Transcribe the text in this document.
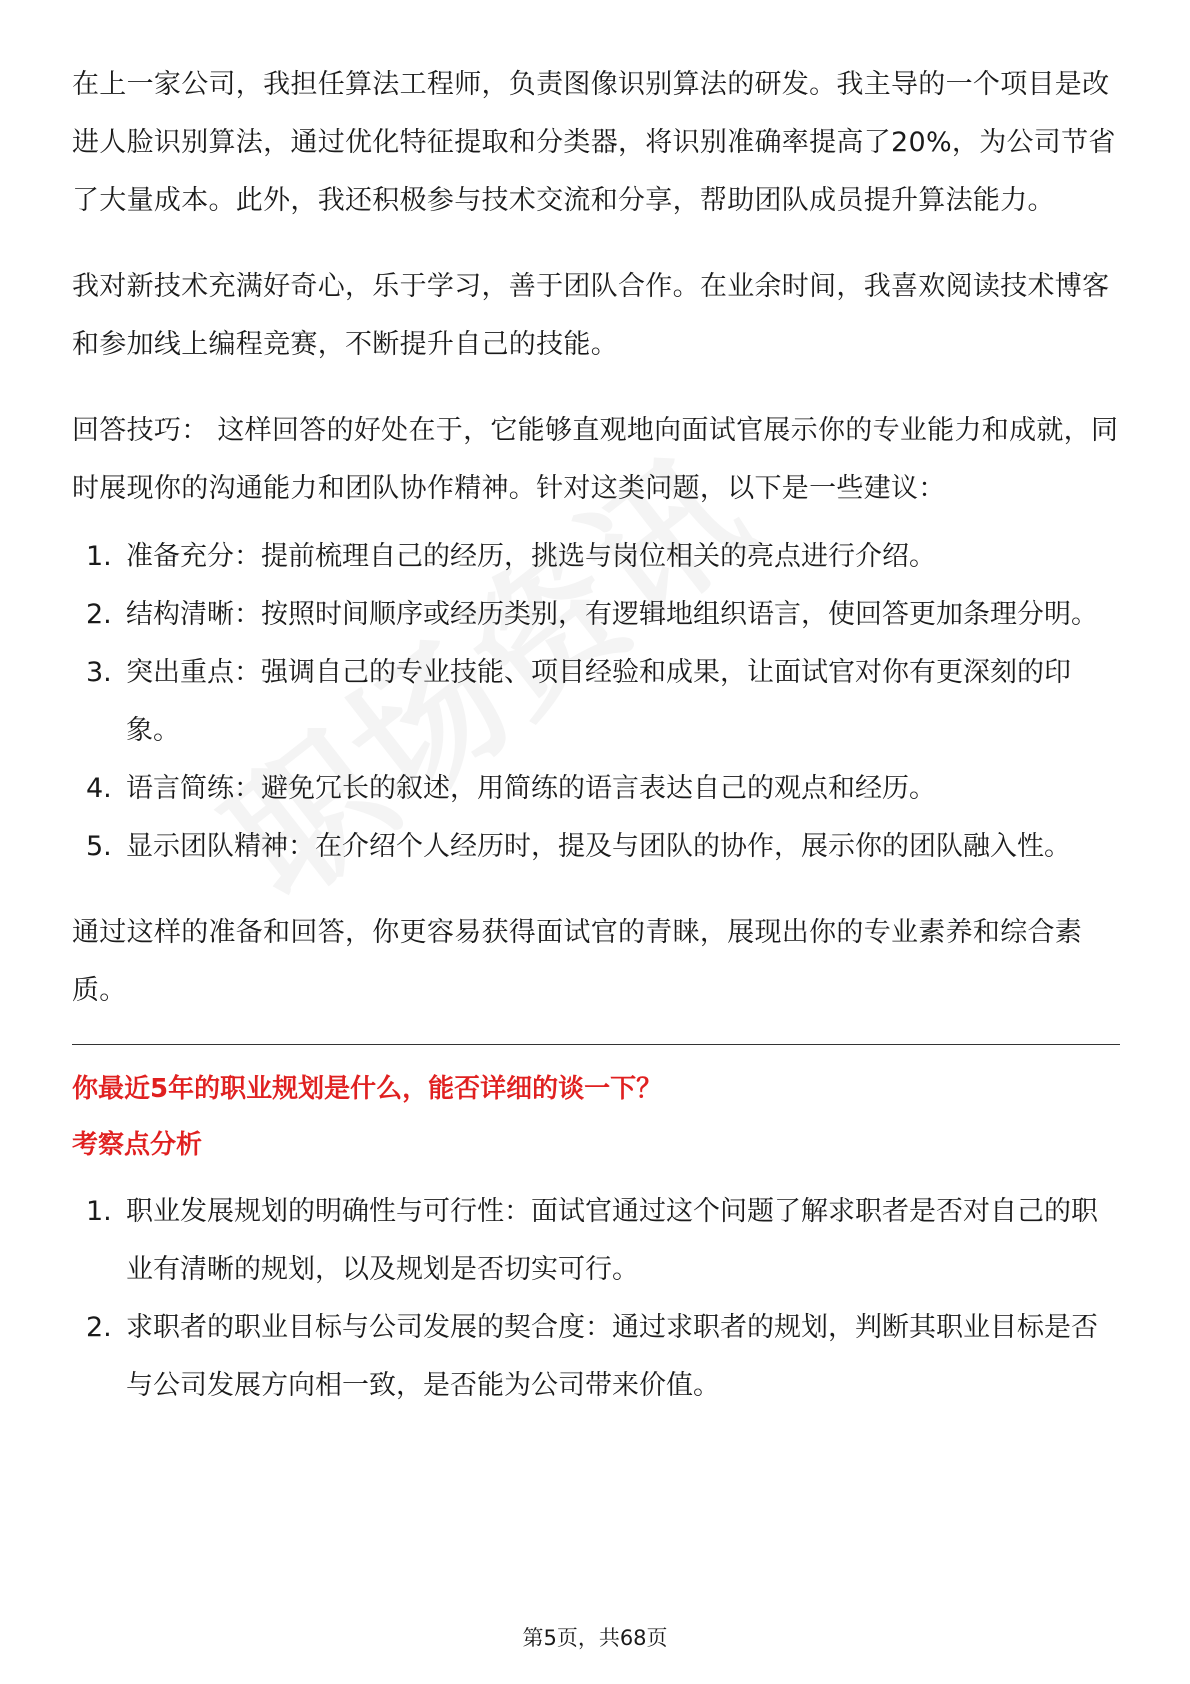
在上一家公司，我担任算法工程师，负责图像识别算法的研发。我主导的一个项目是改进人脸识别算法，通过优化特征提取和分类器，将识别准确率提高了20%，为公司节省了大量成本。此外，我还积极参与技术交流和分享，帮助团队成员提升算法能力。

我对新技术充满好奇心，乐于学习，善于团队合作。在业余时间，我喜欢阅读技术博客和参加线上编程竞赛，不断提升自己的技能。

回答技巧： 这样回答的好处在于，它能够直观地向面试官展示你的专业能力和成就，同时展现你的沟通能力和团队协作精神。针对这类问题，以下是一些建议：

1. 准备充分：提前梳理自己的经历，挑选与岗位相关的亮点进行介绍。
2. 结构清晰：按照时间顺序或经历类别，有逻辑地组织语言，使回答更加条理分明。
3. 突出重点：强调自己的专业技能、项目经验和成果，让面试官对你有更深刻的印象。
4. 语言简练：避免冗长的叙述，用简练的语言表达自己的观点和经历。
5. 显示团队精神：在介绍个人经历时，提及与团队的协作，展示你的团队融入性。

通过这样的准备和回答，你更容易获得面试官的青睐，展现出你的专业素养和综合素质。

你最近5年的职业规划是什么，能否详细的谈一下？

考察点分析

1. 职业发展规划的明确性与可行性：面试官通过这个问题了解求职者是否对自己的职业有清晰的规划，以及规划是否切实可行。
2. 求职者的职业目标与公司发展的契合度：通过求职者的规划，判断其职业目标是否与公司发展方向相一致，是否能为公司带来价值。
第5页，共68页
